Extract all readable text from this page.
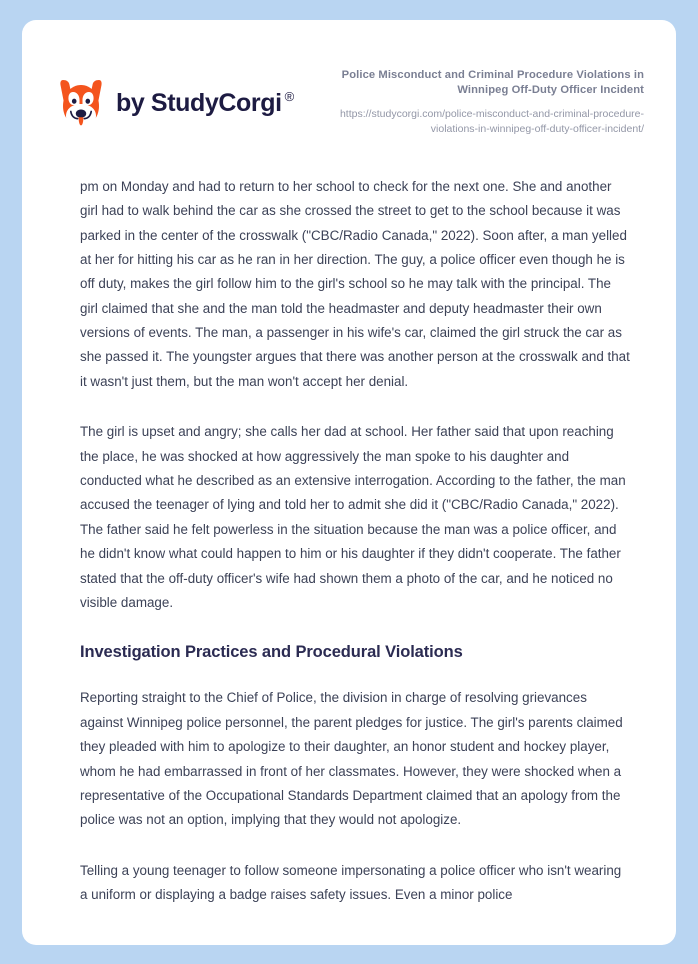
by StudyCorgi ®
Police Misconduct and Criminal Procedure Violations in Winnipeg Off-Duty Officer Incident
https://studycorgi.com/police-misconduct-and-criminal-procedure-violations-in-winnipeg-off-duty-officer-incident/

pm on Monday and had to return to her school to check for the next one. She and another girl had to walk behind the car as she crossed the street to get to the school because it was parked in the center of the crosswalk ("CBC/Radio Canada," 2022). Soon after, a man yelled at her for hitting his car as he ran in her direction. The guy, a police officer even though he is off duty, makes the girl follow him to the girl's school so he may talk with the principal. The girl claimed that she and the man told the headmaster and deputy headmaster their own versions of events. The man, a passenger in his wife's car, claimed the girl struck the car as she passed it. The youngster argues that there was another person at the crosswalk and that it wasn't just them, but the man won't accept her denial.

The girl is upset and angry; she calls her dad at school. Her father said that upon reaching the place, he was shocked at how aggressively the man spoke to his daughter and conducted what he described as an extensive interrogation. According to the father, the man accused the teenager of lying and told her to admit she did it ("CBC/Radio Canada," 2022). The father said he felt powerless in the situation because the man was a police officer, and he didn't know what could happen to him or his daughter if they didn't cooperate. The father stated that the off-duty officer's wife had shown them a photo of the car, and he noticed no visible damage.

Investigation Practices and Procedural Violations

Reporting straight to the Chief of Police, the division in charge of resolving grievances against Winnipeg police personnel, the parent pledges for justice. The girl's parents claimed they pleaded with him to apologize to their daughter, an honor student and hockey player, whom he had embarrassed in front of her classmates. However, they were shocked when a representative of the Occupational Standards Department claimed that an apology from the police was not an option, implying that they would not apologize.

Telling a young teenager to follow someone impersonating a police officer who isn't wearing a uniform or displaying a badge raises safety issues. Even a minor police
